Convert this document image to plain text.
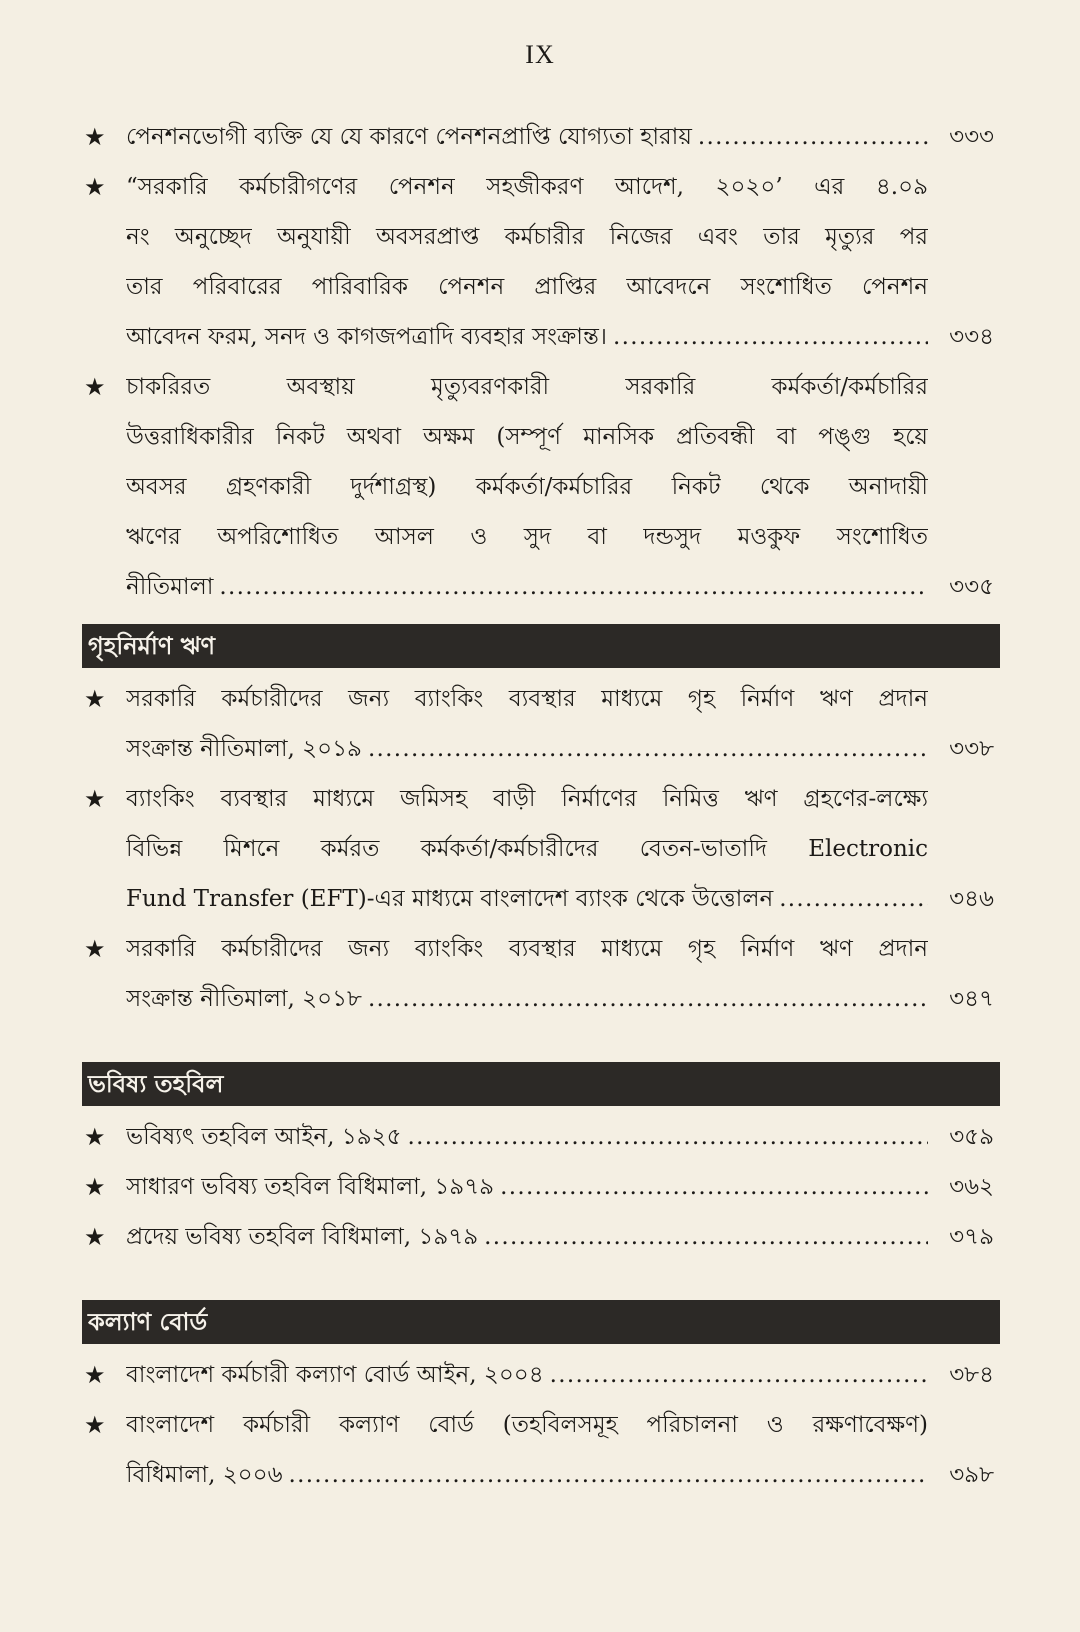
IX
★ পেনশনভোগী ব্যক্তি যে যে কারণে পেনশনপ্রাপ্তি যোগ্যতা হারায় . . .	৩৩৩
★ “সরকারি কর্মচারীগণের পেনশন সহজীকরণ আদেশ, ২০২০’ এর ৪.০৯
নং অনুচ্ছেদ অনুযায়ী অবসরপ্রাপ্ত কর্মচারীর নিজের এবং তার মৃত্যুর পর
তার পরিবারের পারিবারিক পেনশন প্রাপ্তির আবেদনে সংশোধিত পেনশন
আবেদন ফরম, সনদ ও কাগজপত্রাদি ব্যবহার সংক্রান্ত। . . .	৩৩৪
★ চাকরিরত অবস্থায় মৃত্যুবরণকারী সরকারি কর্মকর্তা/কর্মচারির
উত্তরাধিকারীর নিকট অথবা অক্ষম (সম্পূর্ণ মানসিক প্রতিবন্ধী বা পঙ্গু হয়ে
অবসর গ্রহণকারী দুর্দশাগ্রস্থ) কর্মকর্তা/কর্মচারির নিকট থেকে অনাদায়ী
ঋণের অপরিশোধিত আসল ও সুদ বা দন্ডসুদ মওকুফ সংশোধিত
নীতিমালা . . .	৩৩৫
গৃহনির্মাণ ঋণ
★ সরকারি কর্মচারীদের জন্য ব্যাংকিং ব্যবস্থার মাধ্যমে গৃহ নির্মাণ ঋণ প্রদান
সংক্রান্ত নীতিমালা, ২০১৯ . . .	৩৩৮
★ ব্যাংকিং ব্যবস্থার মাধ্যমে জমিসহ বাড়ী নির্মাণের নিমিত্ত ঋণ গ্রহণের-লক্ষ্যে
বিভিন্ন মিশনে কর্মরত কর্মকর্তা/কর্মচারীদের বেতন-ভাতাদি Electronic
Fund Transfer (EFT)-এর মাধ্যমে বাংলাদেশ ব্যাংক থেকে উত্তোলন . . .	৩৪৬
★ সরকারি কর্মচারীদের জন্য ব্যাংকিং ব্যবস্থার মাধ্যমে গৃহ নির্মাণ ঋণ প্রদান
সংক্রান্ত নীতিমালা, ২০১৮ . . .	৩৪৭
ভবিষ্য তহবিল
★ ভবিষ্যৎ তহবিল আইন, ১৯২৫ . . .	৩৫৯
★ সাধারণ ভবিষ্য তহবিল বিধিমালা, ১৯৭৯ . . .	৩৬২
★ প্রদেয় ভবিষ্য তহবিল বিধিমালা, ১৯৭৯ . . .	৩৭৯
কল্যাণ বোর্ড
★ বাংলাদেশ কর্মচারী কল্যাণ বোর্ড আইন, ২০০৪ . . .	৩৮৪
★ বাংলাদেশ কর্মচারী কল্যাণ বোর্ড (তহবিলসমূহ পরিচালনা ও রক্ষণাবেক্ষণ)
বিধিমালা, ২০০৬ . . .	৩৯৮
